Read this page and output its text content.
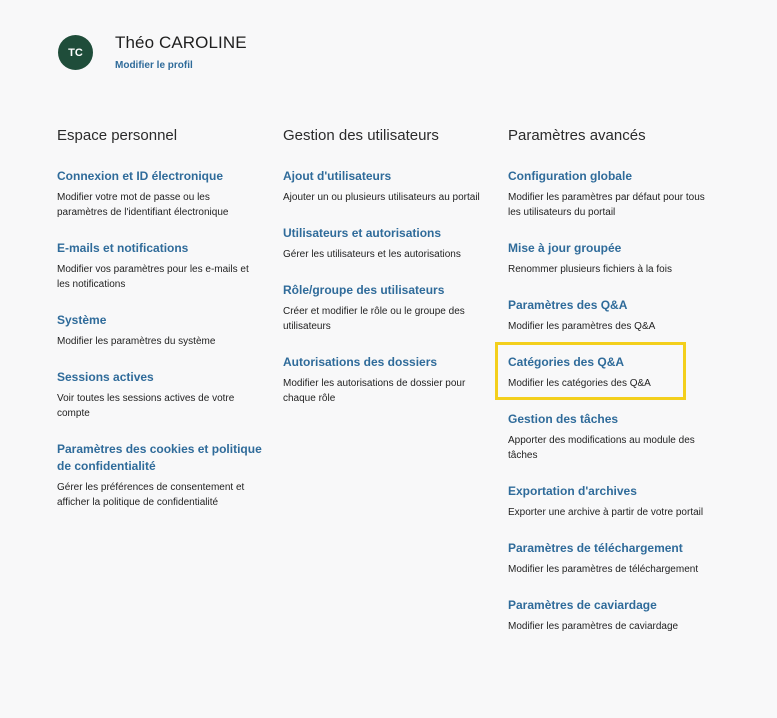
TC
Théo CAROLINE
Modifier le profil
Espace personnel
Connexion et ID électronique
Modifier votre mot de passe ou les paramètres de l'identifiant électronique
E-mails et notifications
Modifier vos paramètres pour les e-mails et les notifications
Système
Modifier les paramètres du système
Sessions actives
Voir toutes les sessions actives de votre compte
Paramètres des cookies et politique de confidentialité
Gérer les préférences de consentement et afficher la politique de confidentialité
Gestion des utilisateurs
Ajout d'utilisateurs
Ajouter un ou plusieurs utilisateurs au portail
Utilisateurs et autorisations
Gérer les utilisateurs et les autorisations
Rôle/groupe des utilisateurs
Créer et modifier le rôle ou le groupe des utilisateurs
Autorisations des dossiers
Modifier les autorisations de dossier pour chaque rôle
Paramètres avancés
Configuration globale
Modifier les paramètres par défaut pour tous les utilisateurs du portail
Mise à jour groupée
Renommer plusieurs fichiers à la fois
Paramètres des Q&A
Modifier les paramètres des Q&A
Catégories des Q&A
Modifier les catégories des Q&A
Gestion des tâches
Apporter des modifications au module des tâches
Exportation d'archives
Exporter une archive à partir de votre portail
Paramètres de téléchargement
Modifier les paramètres de téléchargement
Paramètres de caviardage
Modifier les paramètres de caviardage
